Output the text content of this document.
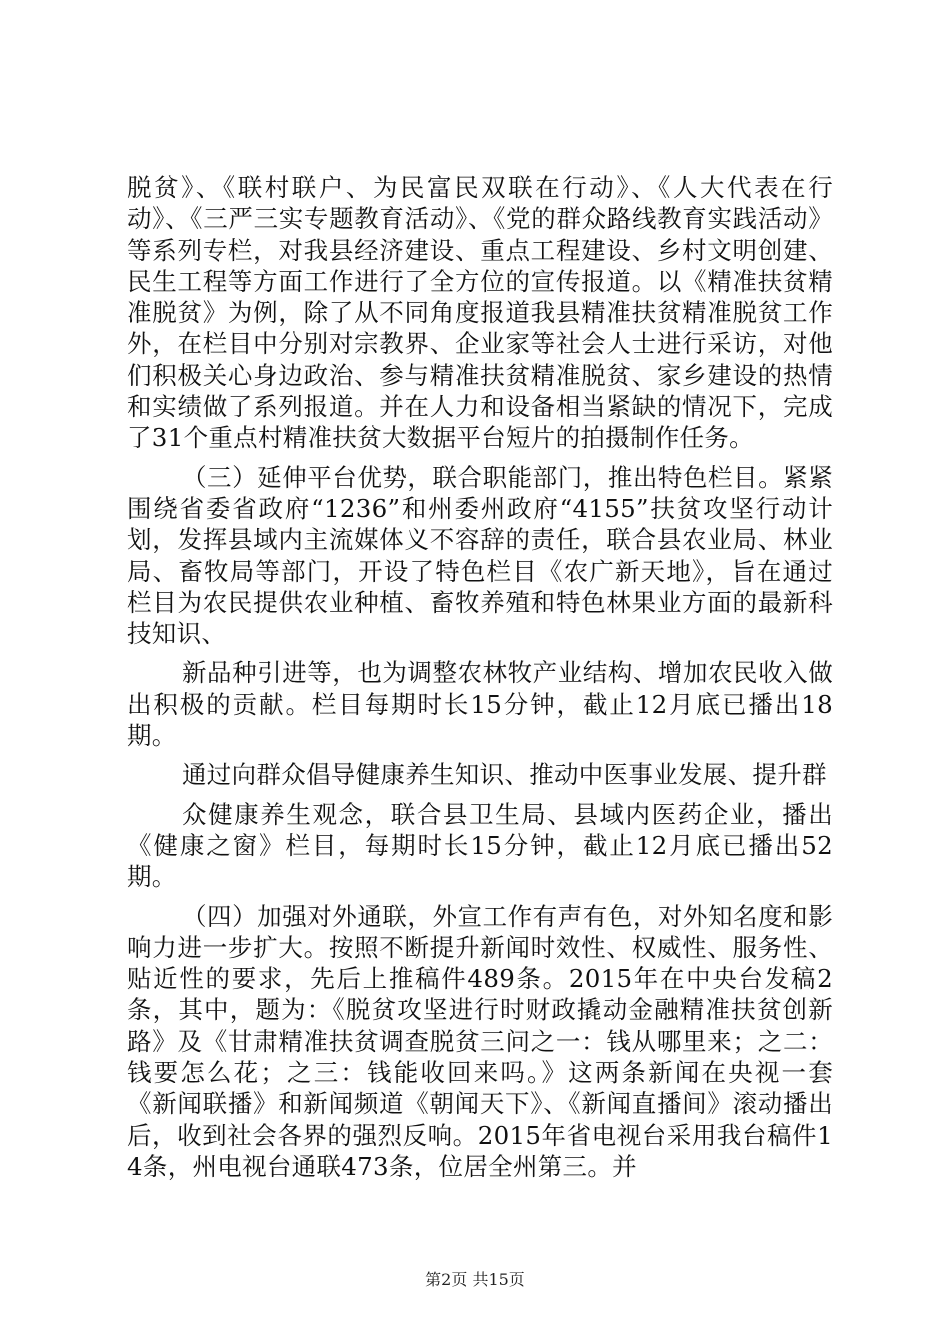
脱贫》、《联村联户、为民富民双联在行动》、《人大代表在行动》、《三严三实专题教育活动》、《党的群众路线教育实践活动》等系列专栏，对我县经济建设、重点工程建设、乡村文明创建、民生工程等方面工作进行了全方位的宣传报道。以《精准扶贫精准脱贫》为例，除了从不同角度报道我县精准扶贫精准脱贫工作外，在栏目中分别对宗教界、企业家等社会人士进行采访，对他们积极关心身边政治、参与精准扶贫精准脱贫、家乡建设的热情和实绩做了系列报道。并在人力和设备相当紧缺的情况下，完成了31个重点村精准扶贫大数据平台短片的拍摄制作任务。

（三）延伸平台优势，联合职能部门，推出特色栏目。紧紧围绕省委省政府“1236”和州委州政府“4155”扶贫攻坚行动计划，发挥县域内主流媒体义不容辞的责任，联合县农业局、林业局、畜牧局等部门，开设了特色栏目《农广新天地》，旨在通过栏目为农民提供农业种植、畜牧养殖和特色林果业方面的最新科技知识、

新品种引进等，也为调整农林牧产业结构、增加农民收入做出积极的贡献。栏目每期时长15分钟，截止12月底已播出18期。

通过向群众倡导健康养生知识、推动中医事业发展、提升群

众健康养生观念，联合县卫生局、县域内医药企业，播出《健康之窗》栏目，每期时长15分钟，截止12月底已播出52期。

（四）加强对外通联，外宣工作有声有色，对外知名度和影响力进一步扩大。按照不断提升新闻时效性、权威性、服务性、贴近性的要求，先后上推稿件489条。2015年在中央台发稿2条，其中，题为：《脱贫攻坚进行时财政撬动金融精准扶贫创新路》及《甘肃精准扶贫调查脱贫三问之一：钱从哪里来；之二：钱要怎么花；之三：钱能收回来吗。》这两条新闻在央视一套《新闻联播》和新闻频道《朝闻天下》、《新闻直播间》滚动播出后，收到社会各界的强烈反响。2015年省电视台采用我台稿件14条，州电视台通联473条，位居全州第三。并

第2页 共15页
